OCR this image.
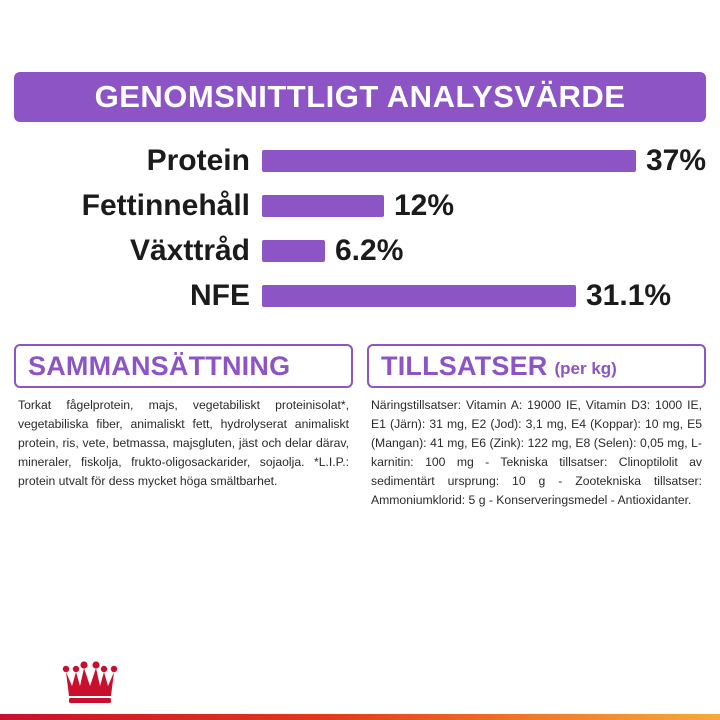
GENOMSNITTLIGT ANALYSVÄRDE
Protein	37%
Fettinnehåll	12%
Växttråd	6.2%
NFE	31.1%
SAMMANSÄTTNING
Torkat fågelprotein, majs, vegetabiliskt proteinisolat*, vegetabiliska fiber, animaliskt fett, hydrolyserat animaliskt protein, ris, vete, betmassa, majsgluten, jäst och delar därav, mineraler, fiskolja, frukto-oligosackarider, sojaolja. *L.I.P.: protein utvalt för dess mycket höga smältbarhet.
TILLSATSER (per kg)
Näringstillsatser: Vitamin A: 19000 IE, Vitamin D3: 1000 IE, E1 (Järn): 31 mg, E2 (Jod): 3,1 mg, E4 (Koppar): 10 mg, E5 (Mangan): 41 mg, E6 (Zink): 122 mg, E8 (Selen): 0,05 mg, L-karnitin: 100 mg - Tekniska tillsatser: Clinoptilolit av sedimentärt ursprung: 10 g - Zootekniska tillsatser: Ammoniumklorid: 5 g - Konserveringsmedel - Antioxidanter.
